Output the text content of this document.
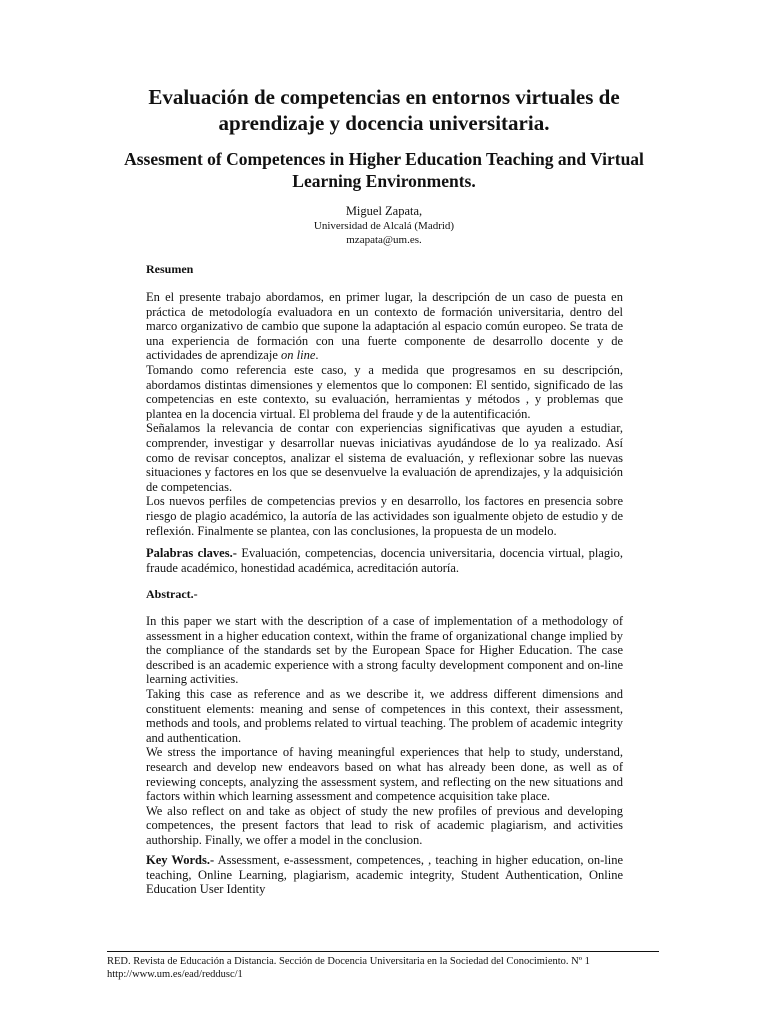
Evaluación de competencias en entornos virtuales de aprendizaje y docencia universitaria.
Assesment of Competences in Higher Education Teaching and Virtual Learning Environments.
Miguel Zapata,
Universidad de Alcalá (Madrid)
mzapata@um.es.
Resumen

En el presente trabajo abordamos, en primer lugar, la descripción de un caso de puesta en práctica de metodología evaluadora en un contexto de formación universitaria, dentro del marco organizativo de cambio que supone la adaptación al espacio común europeo. Se trata de una experiencia de formación con una fuerte componente de desarrollo docente y de actividades de aprendizaje on line.

Tomando como referencia este caso, y a medida que progresamos en su descripción, abordamos distintas dimensiones y elementos que lo componen: El sentido, significado de las competencias en este contexto, su evaluación, herramientas y métodos , y problemas que plantea en la docencia virtual. El problema del fraude y de la autentificación.

Señalamos la relevancia de contar con experiencias significativas que ayuden a estudiar, comprender, investigar y desarrollar nuevas iniciativas ayudándose de lo ya realizado. Así como de revisar conceptos, analizar el sistema de evaluación, y reflexionar sobre las nuevas situaciones y factores en los que se desenvuelve la evaluación de aprendizajes, y la adquisición de competencias.

Los nuevos perfiles de competencias previos y en desarrollo, los factores en presencia sobre riesgo de plagio académico, la autoría de las actividades son igualmente objeto de estudio y de reflexión. Finalmente se plantea, con las conclusiones, la propuesta de un modelo.

Palabras claves.- Evaluación, competencias, docencia universitaria, docencia virtual, plagio, fraude académico, honestidad académica, acreditación autoría.

Abstract.-

In this paper we start with the description of a case of implementation of a methodology of assessment in a higher education context, within the frame of organizational change implied by the compliance of the standards set by the European Space for Higher Education. The case described is an academic experience with a strong faculty development component and on-line learning activities.

Taking this case as reference and as we describe it, we address different dimensions and constituent elements: meaning and sense of competences in this context, their assessment, methods and tools, and problems related to virtual teaching. The problem of academic integrity and authentication.

We stress the importance of having meaningful experiences that help to study, understand, research and develop new endeavors based on what has already been done, as well as of reviewing concepts, analyzing the assessment system, and reflecting on the new situations and factors within which learning assessment and competence acquisition take place.

We also reflect on and take as object of study the new profiles of previous and developing competences, the present factors that lead to risk of academic plagiarism, and activities authorship. Finally, we offer a model in the conclusion.

Key Words.- Assessment, e-assessment, competences, , teaching in higher education, on-line teaching, Online Learning, plagiarism, academic integrity, Student Authentication, Online Education User Identity

RED. Revista de Educación a Distancia. Sección de Docencia Universitaria en la Sociedad del Conocimiento. Nº 1
http://www.um.es/ead/reddusc/1
